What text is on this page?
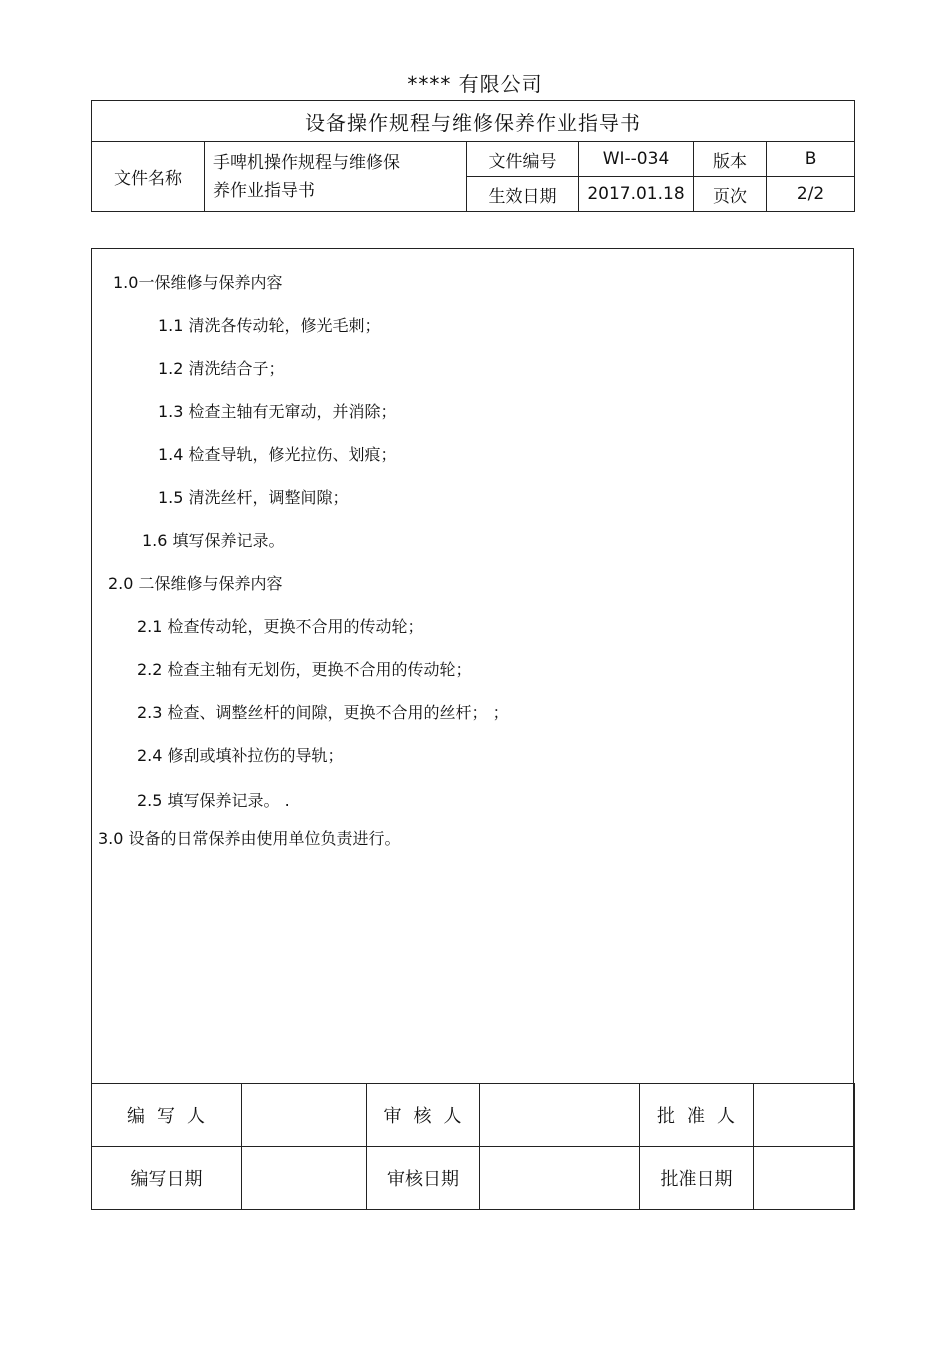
**** 有限公司
设备操作规程与维修保养作业指导书					
文件名称	手啤机操作规程与维修保
养作业指导书	文件编号	WI--034	版本	B
		生效日期	2017.01.18	页次	2/2
1.0一保维修与保养内容
1.1 清洗各传动轮，修光毛刺；
1.2 清洗结合子；
1.3 检查主轴有无窜动，并消除；
1.4 检查导轨，修光拉伤、划痕；
1.5 清洗丝杆，调整间隙；
1.6 填写保养记录。
2.0 二保维修与保养内容
2.1 检查传动轮，更换不合用的传动轮；
2.2 检查主轴有无划伤，更换不合用的传动轮；
2.3 检查、调整丝杆的间隙，更换不合用的丝杆； ；
2.4 修刮或填补拉伤的导轨；
2.5 填写保养记录。 .
3.0 设备的日常保养由使用单位负责进行。
编写人		审核人		批准人	
编写日期		审核日期		批准日期	
